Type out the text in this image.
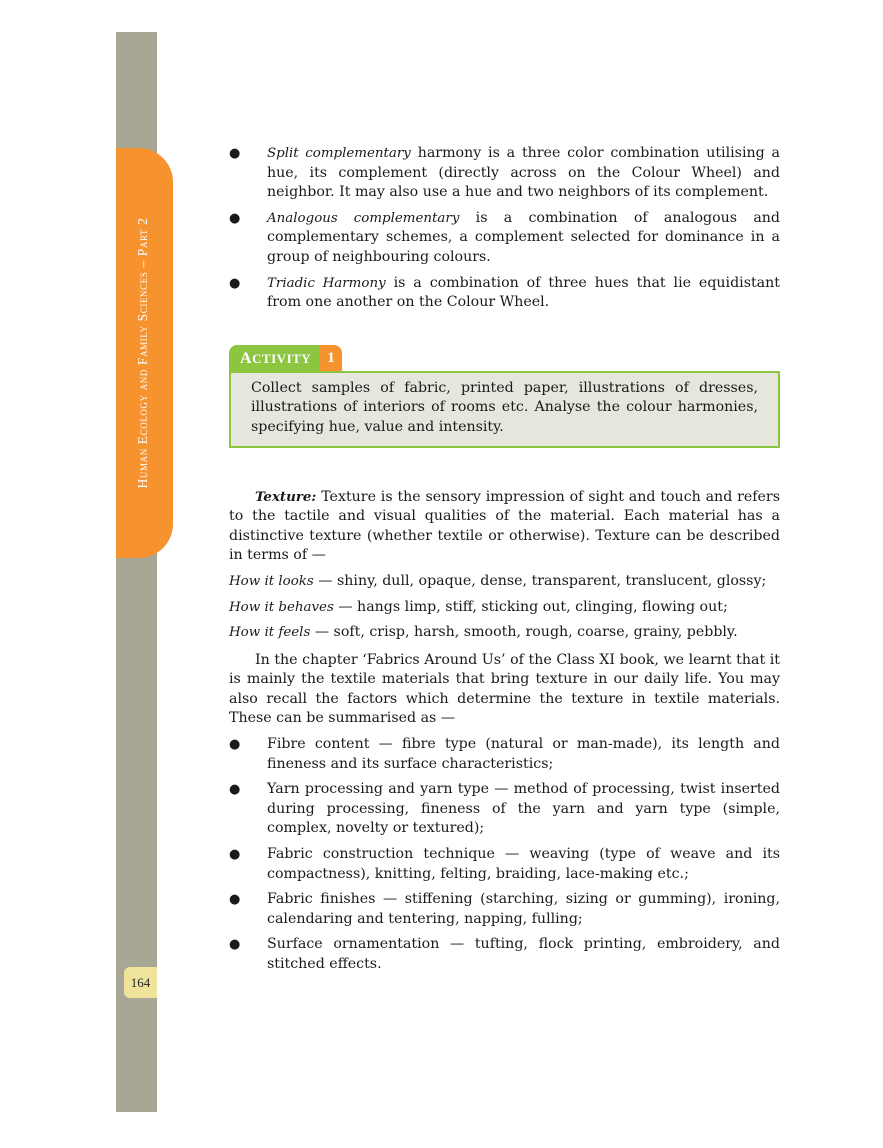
Human Ecology and Family Sciences – Part 2
164
● Split complementary harmony is a three color combination utilising a hue, its complement (directly across on the Colour Wheel) and neighbor. It may also use a hue and two neighbors of its complement.
● Analogous complementary is a combination of analogous and complementary schemes, a complement selected for dominance in a group of neighbouring colours.
● Triadic Harmony is a combination of three hues that lie equidistant from one another on the Colour Wheel.
ACTIVITY	1
Collect samples of fabric, printed paper, illustrations of dresses, illustrations of interiors of rooms etc. Analyse the colour harmonies, specifying hue, value and intensity.

Texture: Texture is the sensory impression of sight and touch and refers to the tactile and visual qualities of the material. Each material has a distinctive texture (whether textile or otherwise). Texture can be described in terms of —

How it looks — shiny, dull, opaque, dense, transparent, translucent, glossy;

How it behaves — hangs limp, stiff, sticking out, clinging, flowing out;

How it feels — soft, crisp, harsh, smooth, rough, coarse, grainy, pebbly.

In the chapter ‘Fabrics Around Us’ of the Class XI book, we learnt that it is mainly the textile materials that bring texture in our daily life. You may also recall the factors which determine the texture in textile materials. These can be summarised as —

● Fibre content — fibre type (natural or man-made), its length and fineness and its surface characteristics;
● Yarn processing and yarn type — method of processing, twist inserted during processing, fineness of the yarn and yarn type (simple, complex, novelty or textured);
● Fabric construction technique — weaving (type of weave and its compactness), knitting, felting, braiding, lace-making etc.;
● Fabric finishes — stiffening (starching, sizing or gumming), ironing, calendaring and tentering, napping, fulling;
● Surface ornamentation — tufting, flock printing, embroidery, and stitched effects.
